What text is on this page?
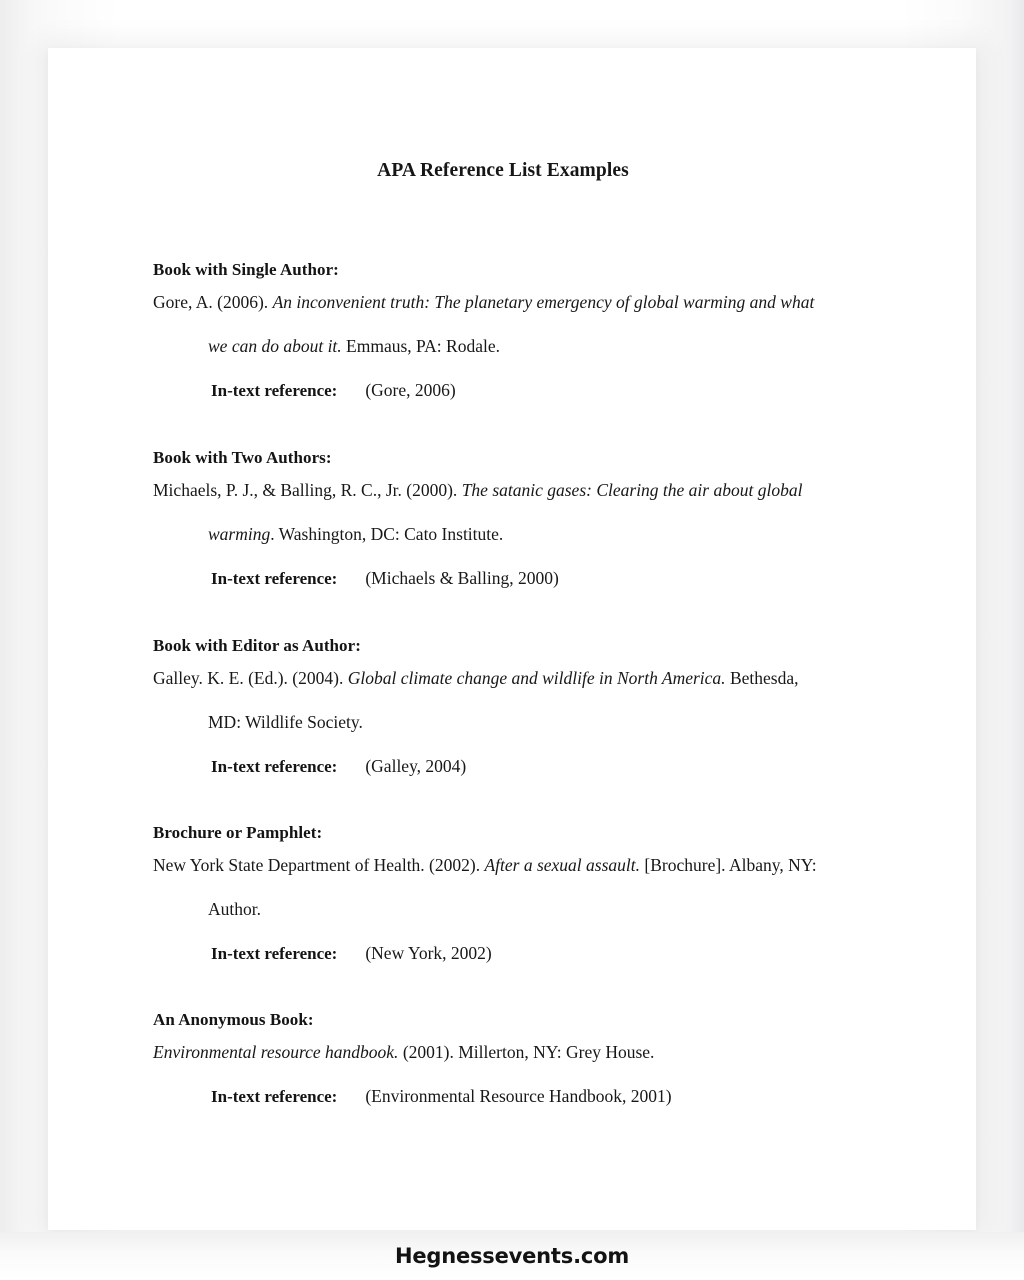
APA Reference List Examples

Book with Single Author:

Gore, A. (2006). An inconvenient truth: The planetary emergency of global warming and what

we can do about it. Emmaus, PA: Rodale.

In-text reference: (Gore, 2006)

Book with Two Authors:

Michaels, P. J., & Balling, R. C., Jr. (2000). The satanic gases: Clearing the air about global

warming. Washington, DC: Cato Institute.

In-text reference: (Michaels & Balling, 2000)

Book with Editor as Author:

Galley. K. E. (Ed.). (2004). Global climate change and wildlife in North America. Bethesda,

MD: Wildlife Society.

In-text reference: (Galley, 2004)

Brochure or Pamphlet:

New York State Department of Health. (2002). After a sexual assault. [Brochure]. Albany, NY:

Author.

In-text reference: (New York, 2002)

An Anonymous Book:

Environmental resource handbook. (2001). Millerton, NY: Grey House.

In-text reference: (Environmental Resource Handbook, 2001)

Hegnessevents.com
